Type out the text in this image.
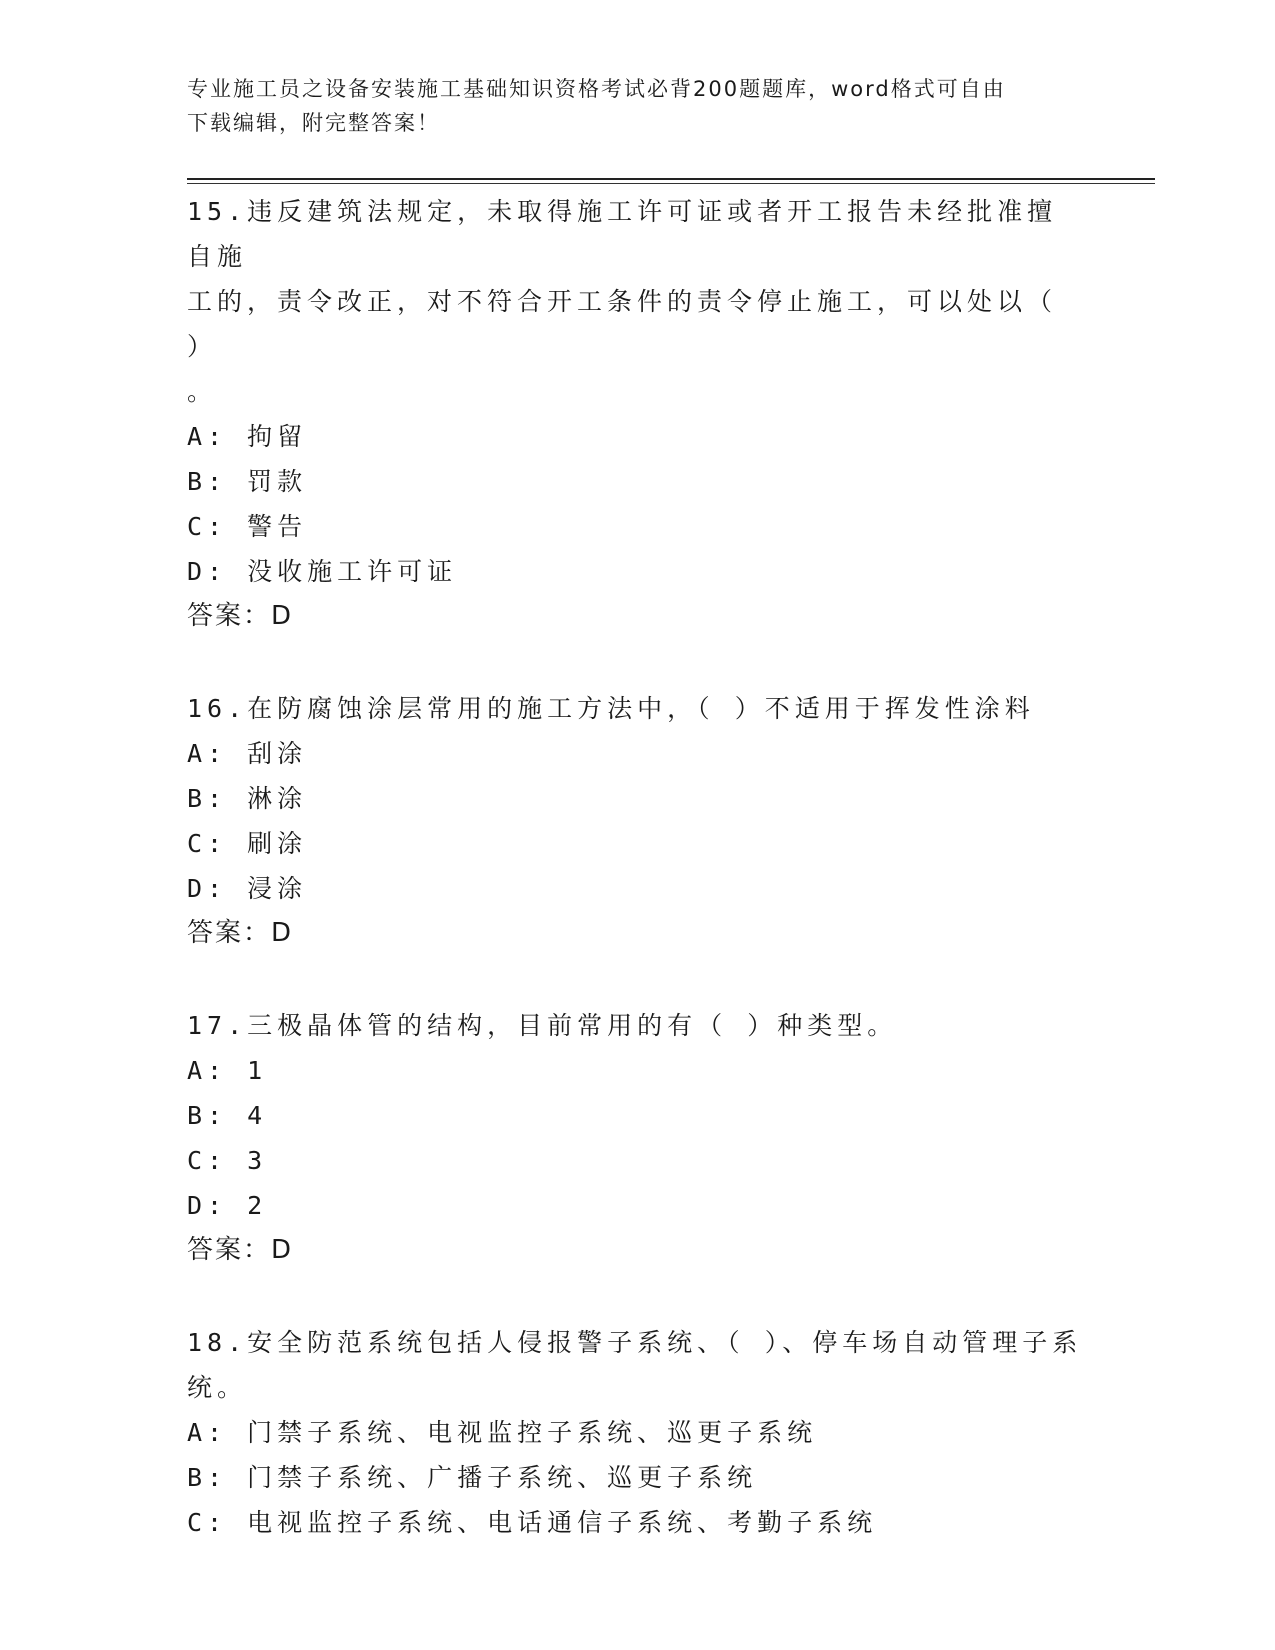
专业施工员之设备安装施工基础知识资格考试必背200题题库，word格式可自由
下载编辑，附完整答案！

15.违反建筑法规定，未取得施工许可证或者开工报告未经批准擅自施

工的，责令改正，对不符合开工条件的责令停止施工，可以处以（ ）

。

A: 拘留

B: 罚款

C: 警告

D: 没收施工许可证

答案：D

16.在防腐蚀涂层常用的施工方法中，（ ）不适用于挥发性涂料

A: 刮涂

B: 淋涂

C: 刷涂

D: 浸涂

答案：D

17.三极晶体管的结构，目前常用的有（ ）种类型。

A: 1

B: 4

C: 3

D: 2

答案：D

18.安全防范系统包括人侵报警子系统、（ ）、停车场自动管理子系

统。

A: 门禁子系统、电视监控子系统、巡更子系统

B: 门禁子系统、广播子系统、巡更子系统

C: 电视监控子系统、电话通信子系统、考勤子系统
